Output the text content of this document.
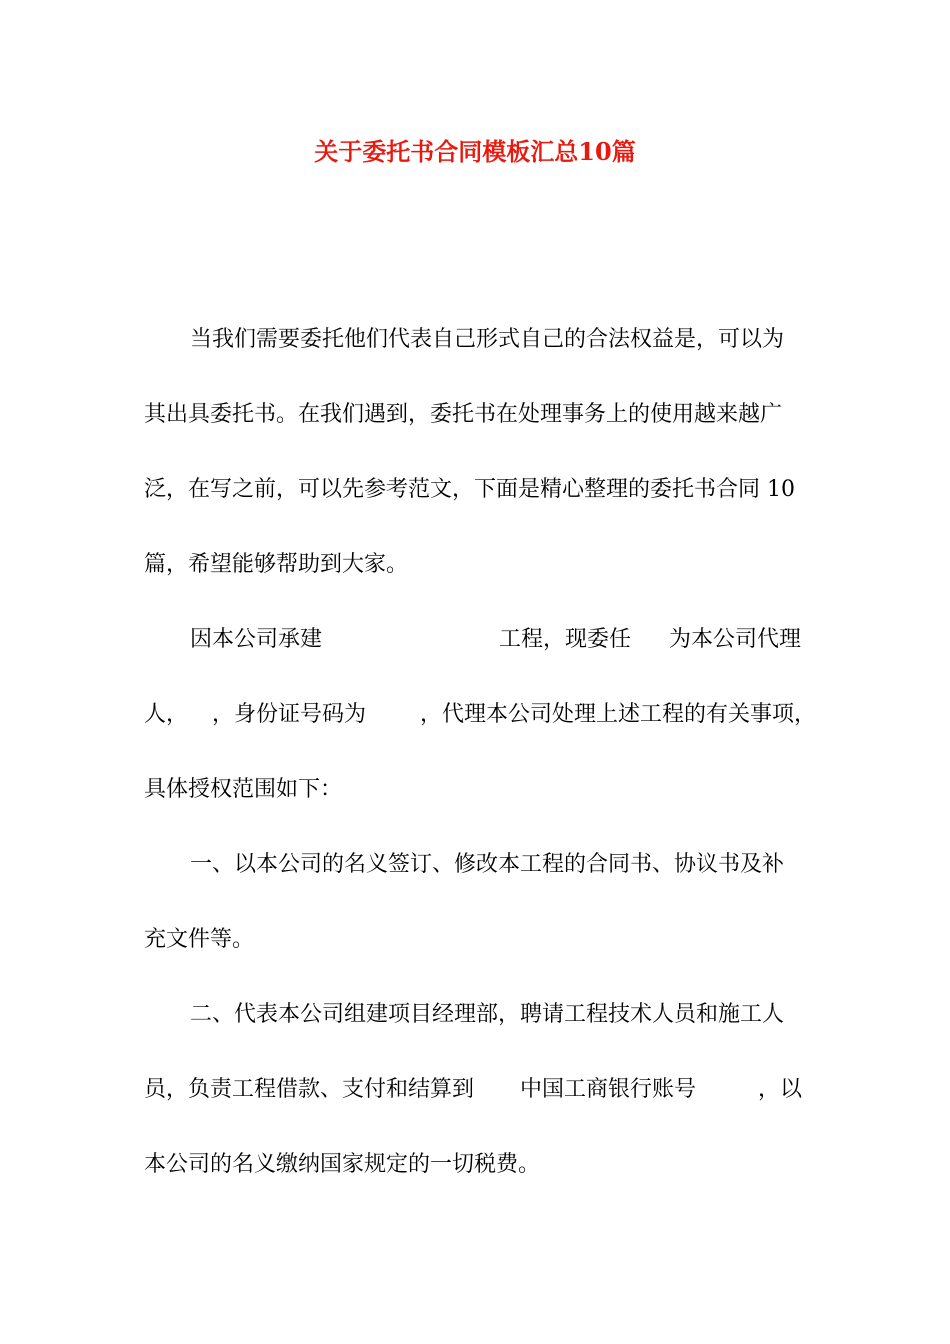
关于委托书合同模板汇总10篇
当我们需要委托他们代表自己形式自己的合法权益是，可以为
其出具委托书。在我们遇到，委托书在处理事务上的使用越来越广
泛，在写之前，可以先参考范文，下面是精心整理的委托书合同 10
篇，希望能够帮助到大家。
因本公司承建	工程，现委任 为本公司代理
人， ，身份证号码为 ，代理本公司处理上述工程的有关事项，
具体授权范围如下：
一、以本公司的名义签订、修改本工程的合同书、协议书及补
充文件等。
二、代表本公司组建项目经理部，聘请工程技术人员和施工人
员，负责工程借款、支付和结算到 中国工商银行账号	，以
本公司的名义缴纳国家规定的一切税费。
